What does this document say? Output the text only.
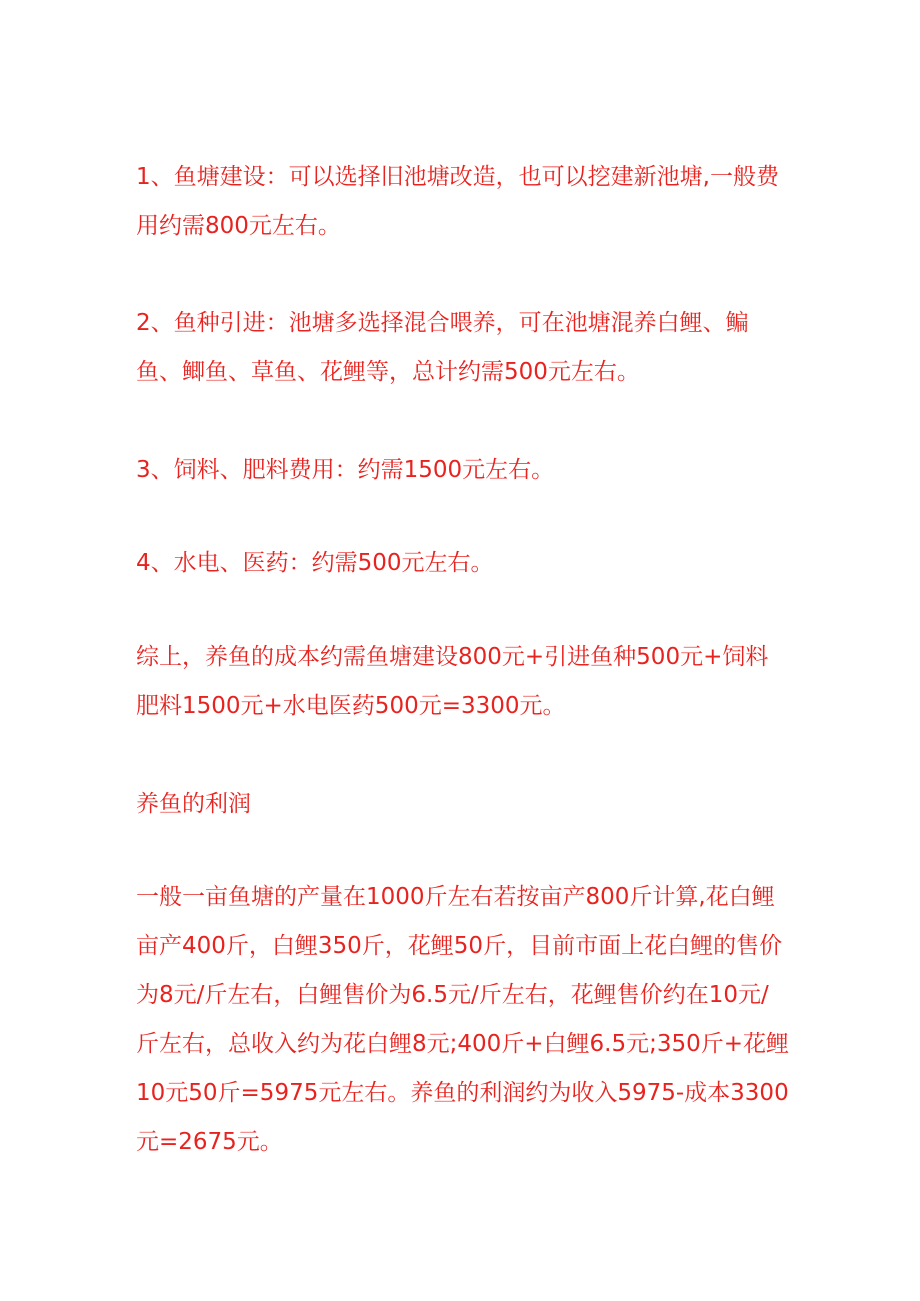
1、鱼塘建设：可以选择旧池塘改造，也可以挖建新池塘,一般费
用约需800元左右。

2、鱼种引进：池塘多选择混合喂养，可在池塘混养白鲤、鳊
鱼、鲫鱼、草鱼、花鲤等，总计约需500元左右。

3、饲料、肥料费用：约需1500元左右。

4、水电、医药：约需500元左右。

综上，养鱼的成本约需鱼塘建设800元+引进鱼种500元+饲料
肥料1500元+水电医药500元=3300元。

养鱼的利润

一般一亩鱼塘的产量在1000斤左右若按亩产800斤计算,花白鲤
亩产400斤，白鲤350斤，花鲤50斤，目前市面上花白鲤的售价
为8元/斤左右，白鲤售价为6.5元/斤左右，花鲤售价约在10元/
斤左右，总收入约为花白鲤8元;400斤+白鲤6.5元;350斤+花鲤
10元50斤=5975元左右。养鱼的利润约为收入5975-成本3300
元=2675元。
